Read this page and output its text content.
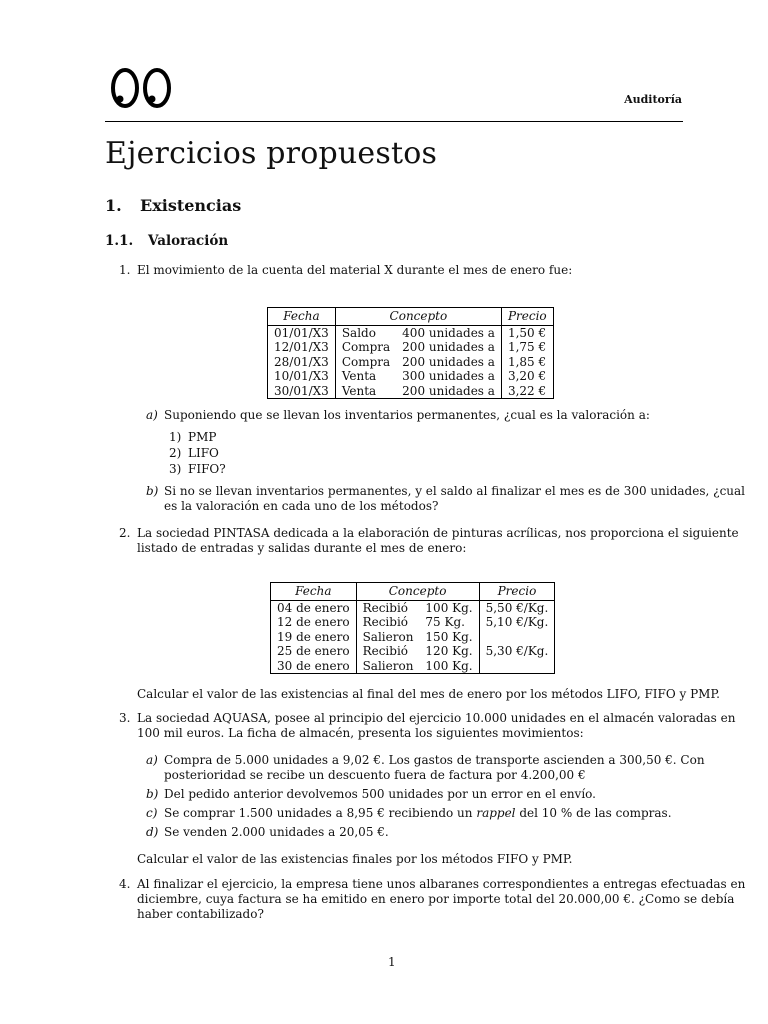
Auditoría
Ejercicios propuestos
1. Existencias
1.1. Valoración
1. El movimiento de la cuenta del material X durante el mes de enero fue:
Fecha	Concepto		Precio
01/01/X3	Saldo	400 unidades a	1,50 €
12/01/X3	Compra	200 unidades a	1,75 €
28/01/X3	Compra	200 unidades a	1,85 €
10/01/X3	Venta	300 unidades a	3,20 €
30/01/X3	Venta	200 unidades a	3,22 €
a) Suponiendo que se llevan los inventarios permanentes, ¿cual es la valoración a:
1) PMP
2) LIFO
3) FIFO?
b) Si no se llevan inventarios permanentes, y el saldo al finalizar el mes es de 300 unidades, ¿cual
es la valoración en cada uno de los métodos?
2. La sociedad PINTASA dedicada a la elaboración de pinturas acrílicas, nos proporciona el siguiente
listado de entradas y salidas durante el mes de enero:
Fecha	Concepto		Precio
04 de enero	Recibió	100 Kg.	5,50 €/Kg.
12 de enero	Recibió	75 Kg.	5,10 €/Kg.
19 de enero	Salieron	150 Kg.	
25 de enero	Recibió	120 Kg.	5,30 €/Kg.
30 de enero	Salieron	100 Kg.	
Calcular el valor de las existencias al final del mes de enero por los métodos LIFO, FIFO y PMP.
3. La sociedad AQUASA, posee al principio del ejercicio 10.000 unidades en el almacén valoradas en
100 mil euros. La ficha de almacén, presenta los siguientes movimientos:
a) Compra de 5.000 unidades a 9,02 €. Los gastos de transporte ascienden a 300,50 €. Con
posterioridad se recibe un descuento fuera de factura por 4.200,00 €
b) Del pedido anterior devolvemos 500 unidades por un error en el envío.
c) Se comprar 1.500 unidades a 8,95 € recibiendo un rappel del 10 % de las compras.
d) Se venden 2.000 unidades a 20,05 €.
Calcular el valor de las existencias finales por los métodos FIFO y PMP.
4. Al finalizar el ejercicio, la empresa tiene unos albaranes correspondientes a entregas efectuadas en
diciembre, cuya factura se ha emitido en enero por importe total del 20.000,00 €. ¿Como se debía
haber contabilizado?
1
